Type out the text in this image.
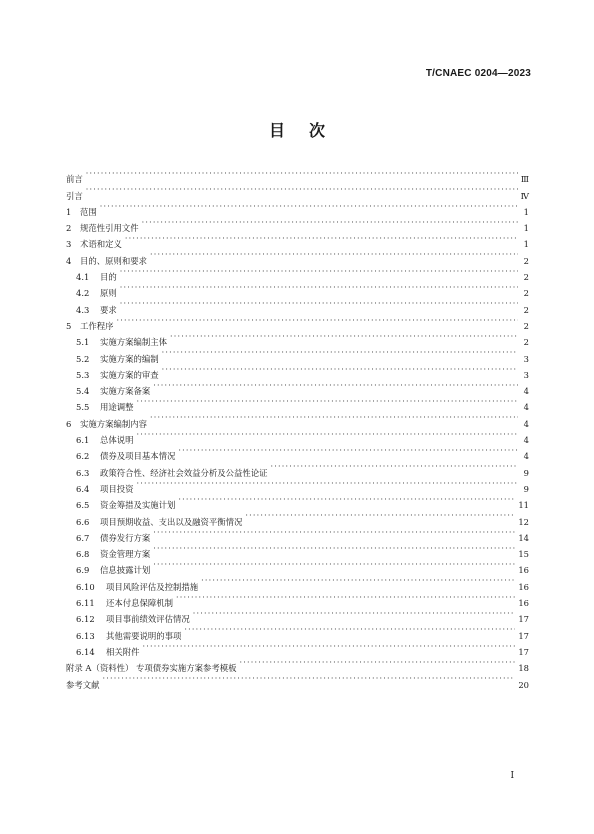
T/CNAEC 0204—2023
目 次
前言 ·····	Ⅲ
引言 ·····	Ⅳ
1	范围 ·····	1
2	规范性引用文件 ·····	1
3	术语和定义 ·····	1
4	目的、原则和要求 ·····	2
4.1	目的 ·····	2
4.2	原则 ·····	2
4.3	要求 ·····	2
5	工作程序 ·····	2
5.1	实施方案编制主体 ·····	2
5.2	实施方案的编制 ·····	3
5.3	实施方案的审查 ·····	3
5.4	实施方案备案 ·····	4
5.5	用途调整 ·····	4
6	实施方案编制内容 ·····	4
6.1	总体说明 ·····	4
6.2	债券及项目基本情况 ·····	4
6.3	政策符合性、经济社会效益分析及公益性论证 ·····	9
6.4	项目投资 ·····	9
6.5	资金筹措及实施计划 ·····	11
6.6	项目预期收益、支出以及融资平衡情况 ·····	12
6.7	债券发行方案 ·····	14
6.8	资金管理方案 ·····	15
6.9	信息披露计划 ·····	16
6.10	项目风险评估及控制措施 ·····	16
6.11	还本付息保障机制 ·····	16
6.12	项目事前绩效评估情况 ·····	17
6.13	其他需要说明的事项 ·····	17
6.14	相关附件 ·····	17
附录 A（资料性） 专项债券实施方案参考模板 ·····	18
参考文献 ·····	20
I
